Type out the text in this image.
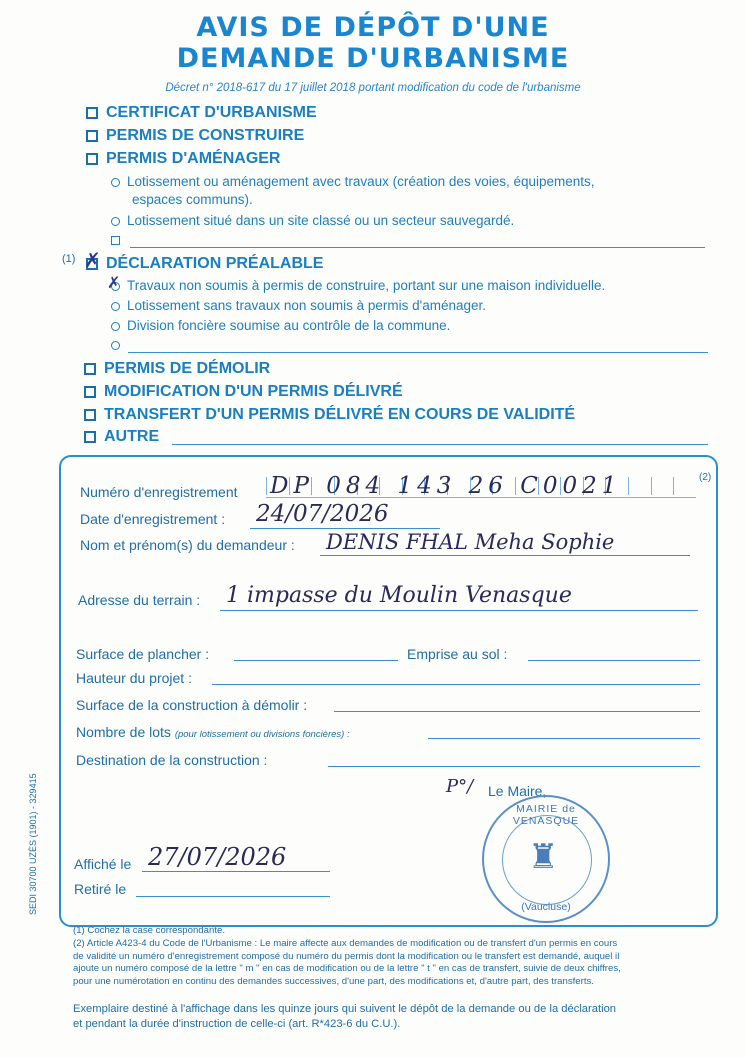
AVIS DE DÉPÔT D'UNE
DEMANDE D'URBANISME
Décret n° 2018-617 du 17 juillet 2018 portant modification du code de l'urbanisme
CERTIFICAT D'URBANISME
PERMIS DE CONSTRUIRE
PERMIS D'AMÉNAGER
Lotissement ou aménagement avec travaux (création des voies, équipements,
espaces communs).
Lotissement situé dans un site classé ou un secteur sauvegardé.
(1)	DÉCLARATION PRÉALABLE
✗
Travaux non soumis à permis de construire, portant sur une maison individuelle.
✗
Lotissement sans travaux non soumis à permis d'aménager.
Division foncière soumise au contrôle de la commune.
PERMIS DE DÉMOLIR
MODIFICATION D'UN PERMIS DÉLIVRÉ
TRANSFERT D'UN PERMIS DÉLIVRÉ EN COURS DE VALIDITÉ
AUTRE
Numéro d'enregistrement DP 084 143 26 C0021	(2)
Date d'enregistrement : 24/07/2026
Nom et prénom(s) du demandeur : DENIS FHAL Meha Sophie
Adresse du terrain : 1 impasse du Moulin Venasque
Surface de plancher :	Emprise au sol :
Hauteur du projet :
Surface de la construction à démolir :
Nombre de lots (pour lotissement ou divisions foncières) :
Destination de la construction :
P°/ Le Maire,
MAIRIE de VENASQUE
(Vaucluse)
♜
Affiché le 27/07/2026
Retiré le
SEDI 30700 UZÈS (1901) - 329415
(1) Cochez la case correspondante.
(2) Article A423-4 du Code de l'Urbanisme : Le maire affecte aux demandes de modification ou de transfert d'un permis en cours
de validité un numéro d'enregistrement composé du numéro du permis dont la modification ou le transfert est demandé, auquel il
ajoute un numéro composé de la lettre " m " en cas de modification ou de la lettre " t " en cas de transfert, suivie de deux chiffres,
pour une numérotation en continu des demandes successives, d'une part, des modifications et, d'autre part, des transferts.
Exemplaire destiné à l'affichage dans les quinze jours qui suivent le dépôt de la demande ou de la déclaration
et pendant la durée d'instruction de celle-ci (art. R*423-6 du C.U.).
